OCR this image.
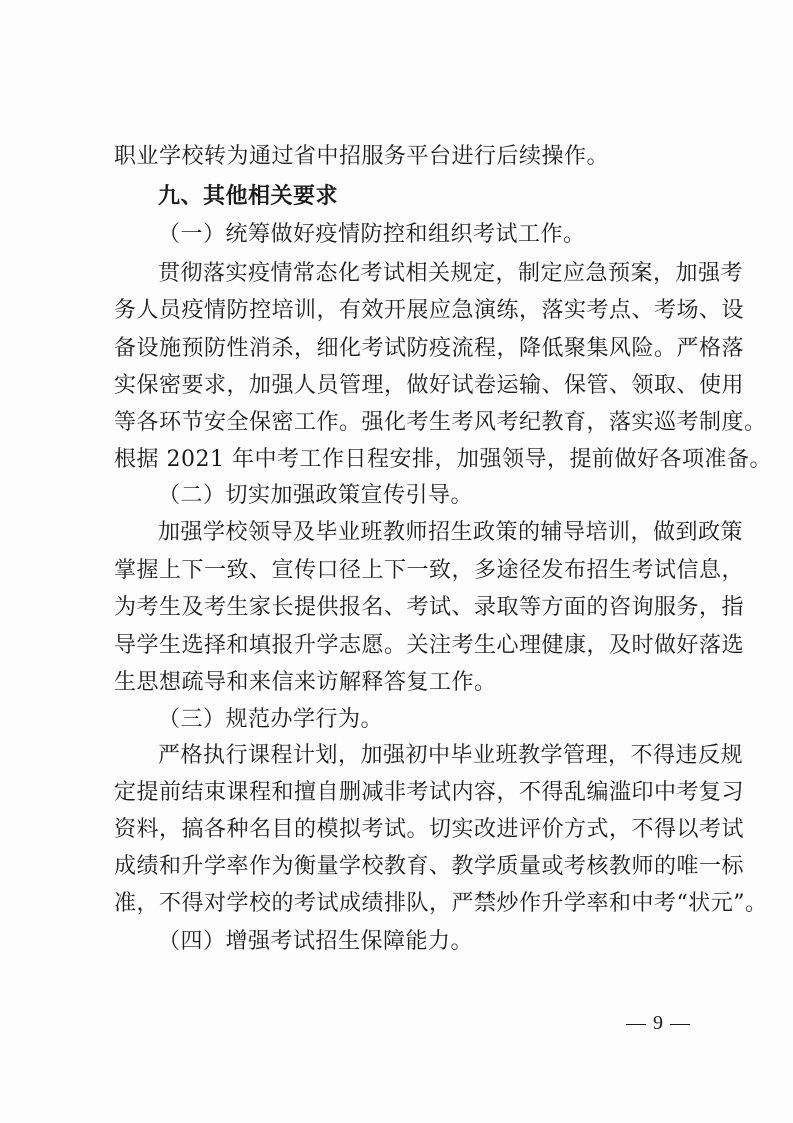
职业学校转为通过省中招服务平台进行后续操作。
九、其他相关要求
（一）统筹做好疫情防控和组织考试工作。
贯彻落实疫情常态化考试相关规定，制定应急预案，加强考
务人员疫情防控培训，有效开展应急演练，落实考点、考场、设
备设施预防性消杀，细化考试防疫流程，降低聚集风险。严格落
实保密要求，加强人员管理，做好试卷运输、保管、领取、使用
等各环节安全保密工作。强化考生考风考纪教育，落实巡考制度。
根据 2021 年中考工作日程安排，加强领导，提前做好各项准备。
（二）切实加强政策宣传引导。
加强学校领导及毕业班教师招生政策的辅导培训，做到政策
掌握上下一致、宣传口径上下一致，多途径发布招生考试信息，
为考生及考生家长提供报名、考试、录取等方面的咨询服务，指
导学生选择和填报升学志愿。关注考生心理健康，及时做好落选
生思想疏导和来信来访解释答复工作。
（三）规范办学行为。
严格执行课程计划，加强初中毕业班教学管理，不得违反规
定提前结束课程和擅自删减非考试内容，不得乱编滥印中考复习
资料，搞各种名目的模拟考试。切实改进评价方式，不得以考试
成绩和升学率作为衡量学校教育、教学质量或考核教师的唯一标
准，不得对学校的考试成绩排队，严禁炒作升学率和中考“状元”。
（四）增强考试招生保障能力。
— 9 —
